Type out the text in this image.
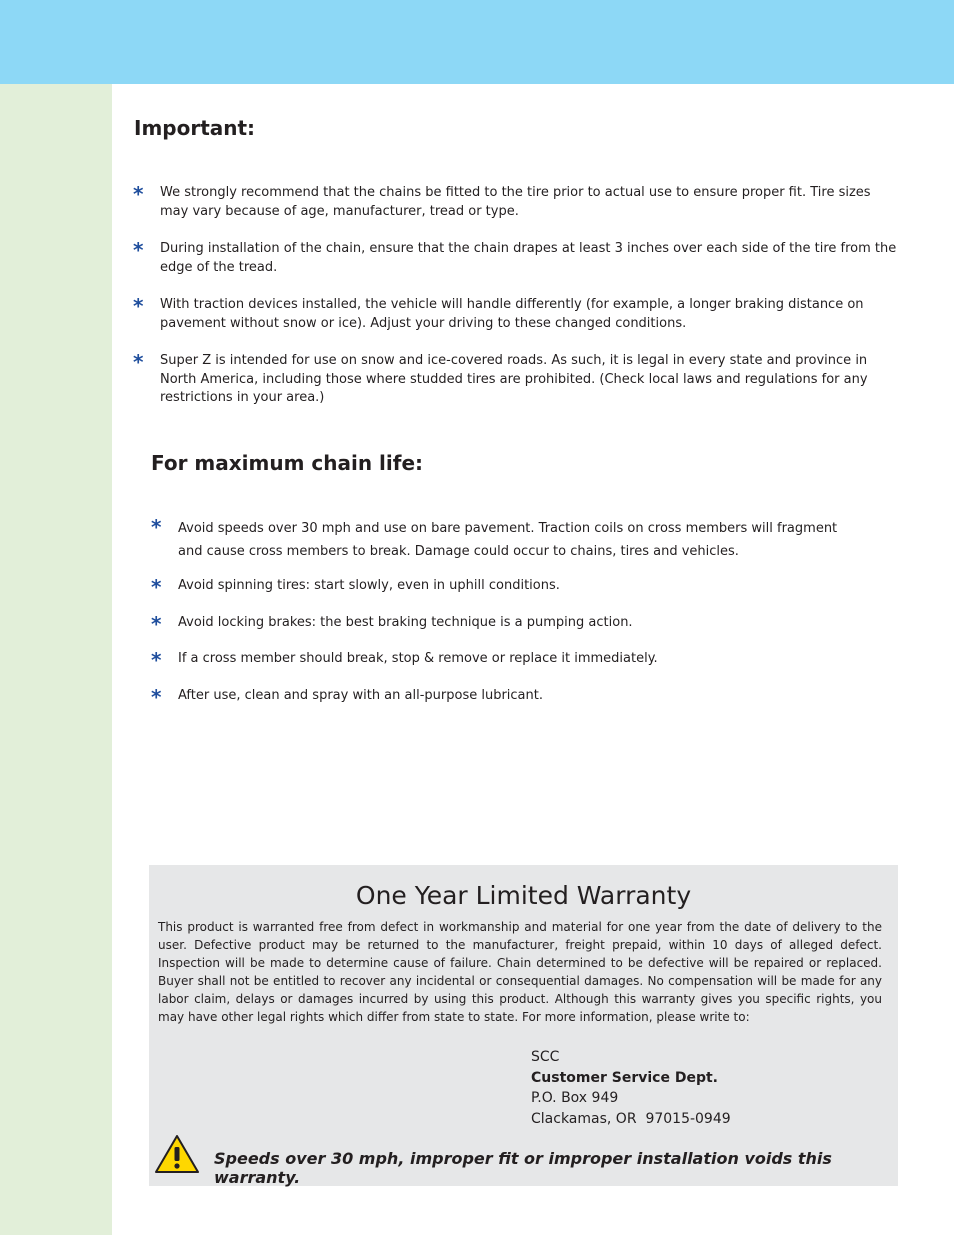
Important:
* We strongly recommend that the chains be fitted to the tire prior to actual use to ensure proper fit. Tire sizes may vary because of age, manufacturer, tread or type.
* During installation of the chain, ensure that the chain drapes at least 3 inches over each side of the tire from the edge of the tread.
* With traction devices installed, the vehicle will handle differently (for example, a longer braking distance on pavement without snow or ice). Adjust your driving to these changed conditions.
* Super Z is intended for use on snow and ice-covered roads. As such, it is legal in every state and province in North America, including those where studded tires are prohibited. (Check local laws and regulations for any restrictions in your area.)
For maximum chain life:
* Avoid speeds over 30 mph and use on bare pavement. Traction coils on cross members will fragment and cause cross members to break. Damage could occur to chains, tires and vehicles.
* Avoid spinning tires: start slowly, even in uphill conditions.
* Avoid locking brakes: the best braking technique is a pumping action.
* If a cross member should break, stop & remove or replace it immediately.
* After use, clean and spray with an all-purpose lubricant.
One Year Limited Warranty

This product is warranted free from defect in workmanship and material for one year from the date of delivery to the user. Defective product may be returned to the manufacturer, freight prepaid, within 10 days of alleged defect. Inspection will be made to determine cause of failure. Chain determined to be defective will be repaired or replaced. Buyer shall not be entitled to recover any incidental or consequential damages. No compensation will be made for any labor claim, delays or damages incurred by using this product. Although this warranty gives you specific rights, you may have other legal rights which differ from state to state. For more information, please write to:

SCC
Customer Service Dept.
P.O. Box 949
Clackamas, OR  97015-0949

Speeds over 30 mph, improper fit or improper installation voids this warranty.
